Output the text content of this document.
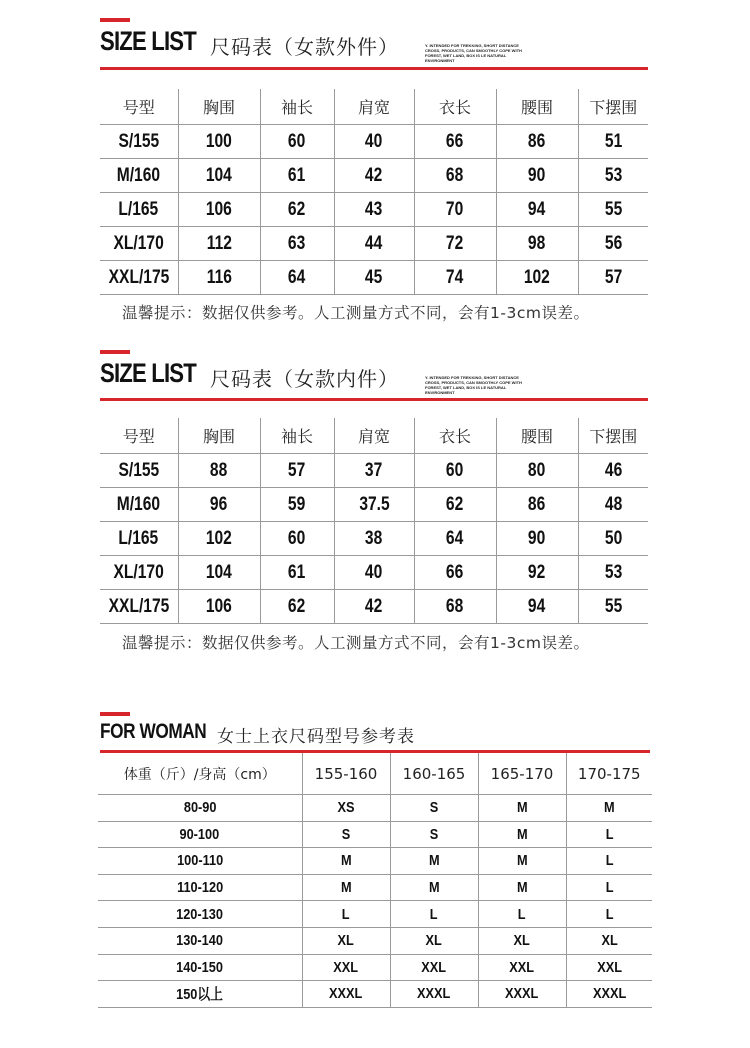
SIZE LIST 尺码表（女款外件）	Y. INTENDED FOR TREKKING, SHORT DISTANCE CROSS, PRODUCTS, CAN SMOOTHLY COPE WITH FOREST, WET LAND, BOX IS LE NATURAL ENVIRONMENT
号型	胸围	袖长	肩宽	衣长	腰围	下摆围
S/155	100	60	40	66	86	51
M/160	104	61	42	68	90	53
L/165	106	62	43	70	94	55
XL/170	112	63	44	72	98	56
XXL/175	116	64	45	74	102	57
温馨提示：数据仅供参考。人工测量方式不同，会有1-3cm误差。
SIZE LIST 尺码表（女款内件）	Y. INTENDED FOR TREKKING, SHORT DISTANCE CROSS, PRODUCTS, CAN SMOOTHLY COPE WITH FOREST, WET LAND, BOX IS LE NATURAL ENVIRONMENT
号型	胸围	袖长	肩宽	衣长	腰围	下摆围
S/155	88	57	37	60	80	46
M/160	96	59	37.5	62	86	48
L/165	102	60	38	64	90	50
XL/170	104	61	40	66	92	53
XXL/175	106	62	42	68	94	55
温馨提示：数据仅供参考。人工测量方式不同，会有1-3cm误差。
FOR WOMAN 女士上衣尺码型号参考表
体重（斤）/身高（cm）	155-160	160-165	165-170	170-175
80-90	XS	S	M	M
90-100	S	S	M	L
100-110	M	M	M	L
110-120	M	M	M	L
120-130	L	L	L	L
130-140	XL	XL	XL	XL
140-150	XXL	XXL	XXL	XXL
150以上	XXXL	XXXL	XXXL	XXXL
